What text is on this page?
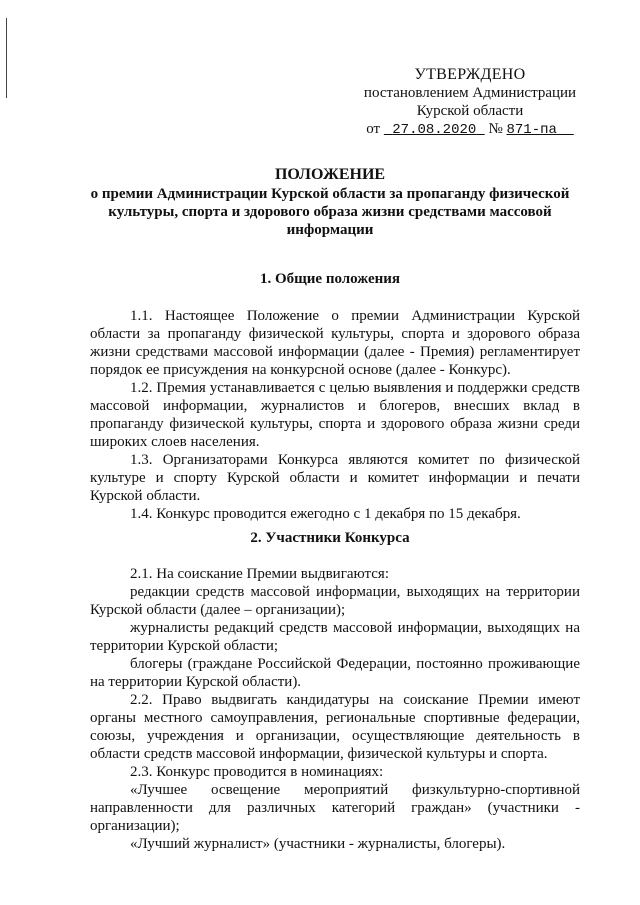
УТВЕРЖДЕНО
постановлением Администрации
Курской области
от 27.08.2020 № 871-па
ПОЛОЖЕНИЕ
о премии Администрации Курской области за пропаганду физической культуры, спорта и здорового образа жизни средствами массовой информации
1. Общие положения

1.1. Настоящее Положение о премии Администрации Курской области за пропаганду физической культуры, спорта и здорового образа жизни средствами массовой информации (далее - Премия) регламентирует порядок ее присуждения на конкурсной основе (далее - Конкурс).

1.2. Премия устанавливается с целью выявления и поддержки средств массовой информации, журналистов и блогеров, внесших вклад в пропаганду физической культуры, спорта и здорового образа жизни среди широких слоев населения.

1.3. Организаторами Конкурса являются комитет по физической культуре и спорту Курской области и комитет информации и печати Курской области.

1.4. Конкурс проводится ежегодно с 1 декабря по 15 декабря.

2. Участники Конкурса

2.1. На соискание Премии выдвигаются:

редакции средств массовой информации, выходящих на территории Курской области (далее – организации);

журналисты редакций средств массовой информации, выходящих на территории Курской области;

блогеры (граждане Российской Федерации, постоянно проживающие на территории Курской области).

2.2. Право выдвигать кандидатуры на соискание Премии имеют органы местного самоуправления, региональные спортивные федерации, союзы, учреждения и организации, осуществляющие деятельность в области средств массовой информации, физической культуры и спорта.

2.3. Конкурс проводится в номинациях:

«Лучшее освещение мероприятий физкультурно-спортивной направленности для различных категорий граждан» (участники - организации);

«Лучший журналист» (участники - журналисты, блогеры).
